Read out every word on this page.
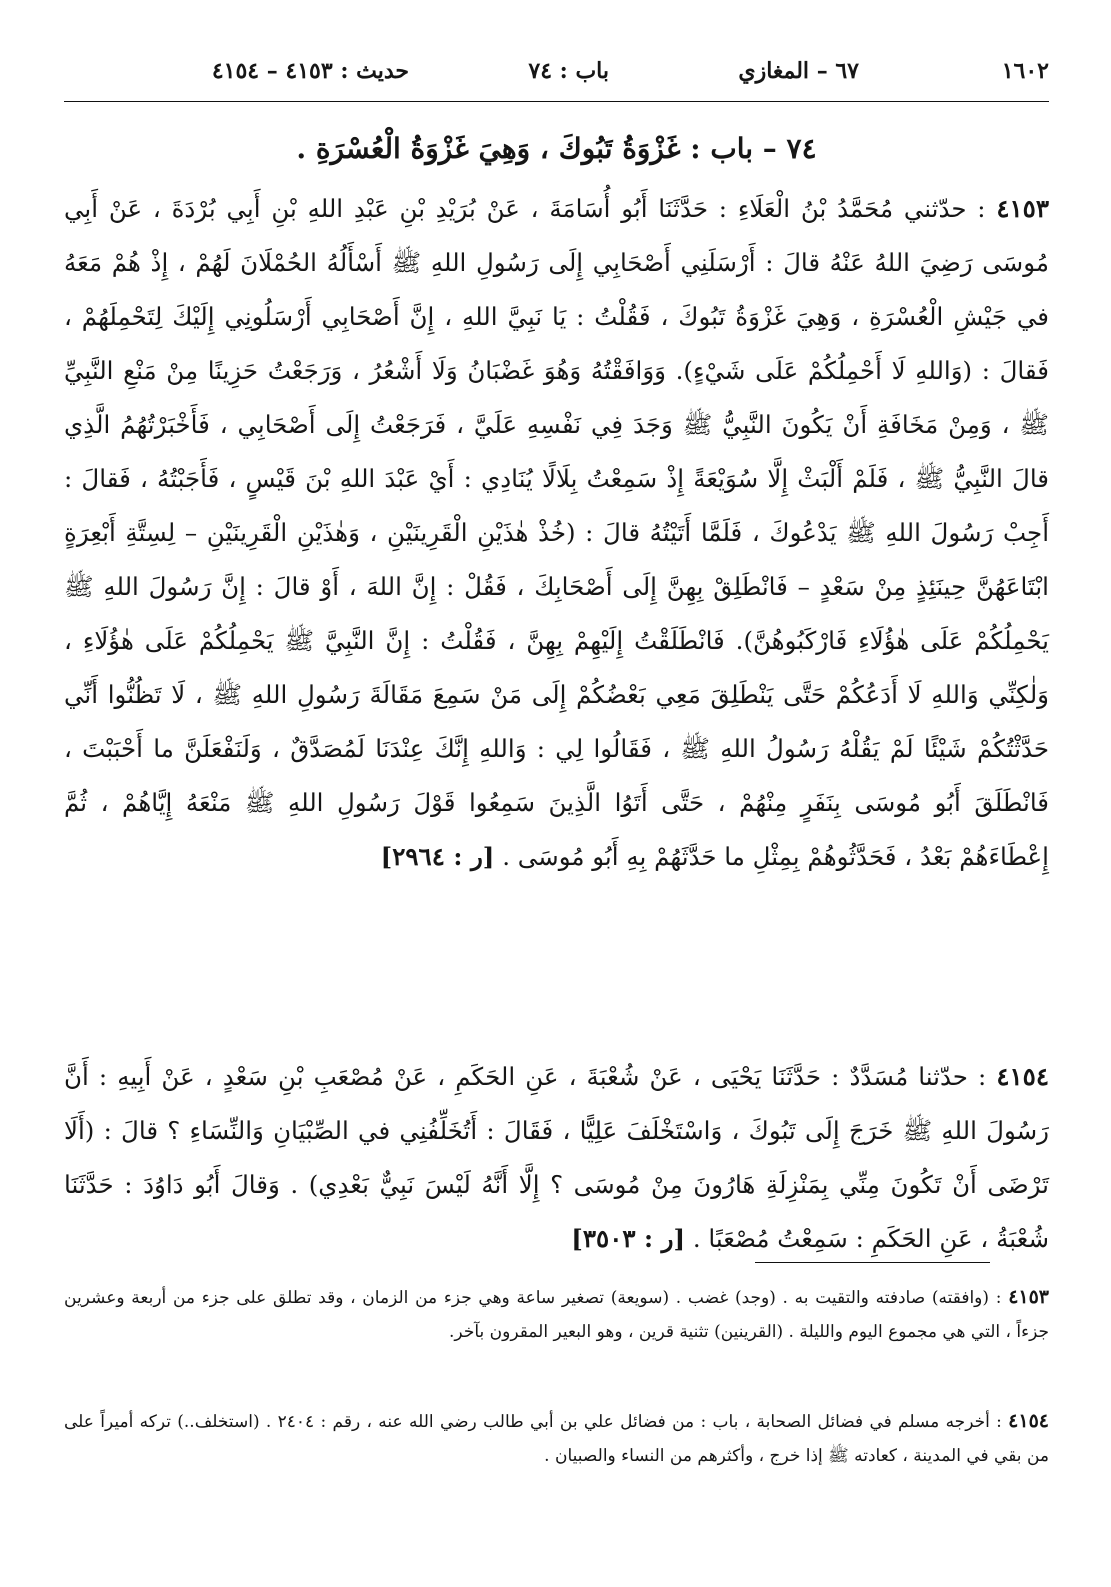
١٦٠٢
٦٧ – المغازي
باب : ٧٤
حديث : ٤١٥٣ – ٤١٥٤
٧٤ – باب : غَزْوَةُ تَبُوكَ ، وَهِيَ غَزْوَةُ الْعُسْرَةِ .
٤١٥٣ : حدّثني مُحَمَّدُ بْنُ الْعَلَاءِ : حَدَّثَنَا أَبُو أُسَامَةَ ، عَنْ بُرَيْدِ بْنِ عَبْدِ اللهِ بْنِ أَبِي بُرْدَةَ ، عَنْ أَبِي مُوسَى رَضِيَ اللهُ عَنْهُ قالَ : أَرْسَلَنِي أَصْحَابِي إِلَى رَسُولِ اللهِ ﷺ أَسْأَلُهُ الحُمْلَانَ لَهُمْ ، إِذْ هُمْ مَعَهُ في جَيْشِ الْعُسْرَةِ ، وَهِيَ غَزْوَةُ تَبُوكَ ، فَقُلْتُ : يَا نَبِيَّ اللهِ ، إِنَّ أَصْحَابِي أَرْسَلُونِي إِلَيْكَ لِتَحْمِلَهُمْ ، فَقالَ : (وَاللهِ لَا أَحْمِلُكُمْ عَلَى شَيْءٍ). وَوَافَقْتُهُ وَهُوَ غَضْبَانُ وَلَا أَشْعُرُ ، وَرَجَعْتُ حَزِينًا مِنْ مَنْعِ النَّبِيِّ ﷺ ، وَمِنْ مَخَافَةِ أَنْ يَكُونَ النَّبِيُّ ﷺ وَجَدَ فِي نَفْسِهِ عَلَيَّ ، فَرَجَعْتُ إِلَى أَصْحَابِي ، فَأَخْبَرْتُهُمُ الَّذِي قالَ النَّبِيُّ ﷺ ، فَلَمْ أَلْبَثْ إِلَّا سُوَيْعَةً إِذْ سَمِعْتُ بِلَالًا يُنَادِي : أَيْ عَبْدَ اللهِ بْنَ قَيْسٍ ، فَأَجَبْتُهُ ، فَقالَ : أَجِبْ رَسُولَ اللهِ ﷺ يَدْعُوكَ ، فَلَمَّا أَتَيْتُهُ قالَ : (خُذْ هٰذَيْنِ الْقَرِينَيْنِ ، وَهٰذَيْنِ الْقَرِينَيْنِ – لِسِتَّةِ أَبْعِرَةٍ ابْتَاعَهُنَّ حِينَئِذٍ مِنْ سَعْدٍ – فَانْطَلِقْ بِهِنَّ إِلَى أَصْحَابِكَ ، فَقُلْ : إِنَّ اللهَ ، أَوْ قالَ : إِنَّ رَسُولَ اللهِ ﷺ يَحْمِلُكُمْ عَلَى هٰؤُلَاءِ فَارْكَبُوهُنَّ). فَانْطَلَقْتُ إِلَيْهِمْ بِهِنَّ ، فَقُلْتُ : إِنَّ النَّبِيَّ ﷺ يَحْمِلُكُمْ عَلَى هٰؤُلَاءِ ، وَلٰكِنِّي وَاللهِ لَا أَدَعُكُمْ حَتَّى يَنْطَلِقَ مَعِي بَعْضُكُمْ إِلَى مَنْ سَمِعَ مَقَالَةَ رَسُولِ اللهِ ﷺ ، لَا تَظُنُّوا أَنِّي حَدَّثْتُكُمْ شَيْئًا لَمْ يَقُلْهُ رَسُولُ اللهِ ﷺ ، فَقَالُوا لِي : وَاللهِ إِنَّكَ عِنْدَنَا لَمُصَدَّقٌ ، وَلَنَفْعَلَنَّ ما أَحْبَبْتَ ، فَانْطَلَقَ أَبُو مُوسَى بِنَفَرٍ مِنْهُمْ ، حَتَّى أَتَوُا الَّذِينَ سَمِعُوا قَوْلَ رَسُولِ اللهِ ﷺ مَنْعَهُ إِيَّاهُمْ ، ثُمَّ إِعْطَاءَهُمْ بَعْدُ ، فَحَدَّثُوهُمْ بِمِثْلِ ما حَدَّثَهُمْ بِهِ أَبُو مُوسَى . [ر : ٢٩٦٤]
٤١٥٤ : حدّثنا مُسَدَّدٌ : حَدَّثَنَا يَحْيَى ، عَنْ شُعْبَةَ ، عَنِ الحَكَمِ ، عَنْ مُصْعَبِ بْنِ سَعْدٍ ، عَنْ أَبِيهِ : أَنَّ رَسُولَ اللهِ ﷺ خَرَجَ إِلَى تَبُوكَ ، وَاسْتَخْلَفَ عَلِيًّا ، فَقَالَ : أَتُخَلِّفُنِي في الصِّبْيَانِ وَالنِّسَاءِ ؟ قالَ : (أَلَا تَرْضَى أَنْ تَكُونَ مِنِّي بِمَنْزِلَةِ هَارُونَ مِنْ مُوسَى ؟ إِلَّا أَنَّهُ لَيْسَ نَبِيٌّ بَعْدِي) . وَقالَ أَبُو دَاوُدَ : حَدَّثَنَا شُعْبَةُ ، عَنِ الحَكَمِ : سَمِعْتُ مُصْعَبًا . [ر : ٣٥٠٣]
٤١٥٣ : (وافقته) صادفته والتقيت به . (وجد) غضب . (سويعة) تصغير ساعة وهي جزء من الزمان ، وقد تطلق على جزء من أربعة وعشرين جزءاً ، التي هي مجموع اليوم والليلة . (القرينين) تثنية قرين ، وهو البعير المقرون بآخر.
٤١٥٤ : أخرجه مسلم في فضائل الصحابة ، باب : من فضائل علي بن أبي طالب رضي الله عنه ، رقم : ٢٤٠٤ . (استخلف..) تركه أميراً على من بقي في المدينة ، كعادته ﷺ إذا خرج ، وأكثرهم من النساء والصبيان .
